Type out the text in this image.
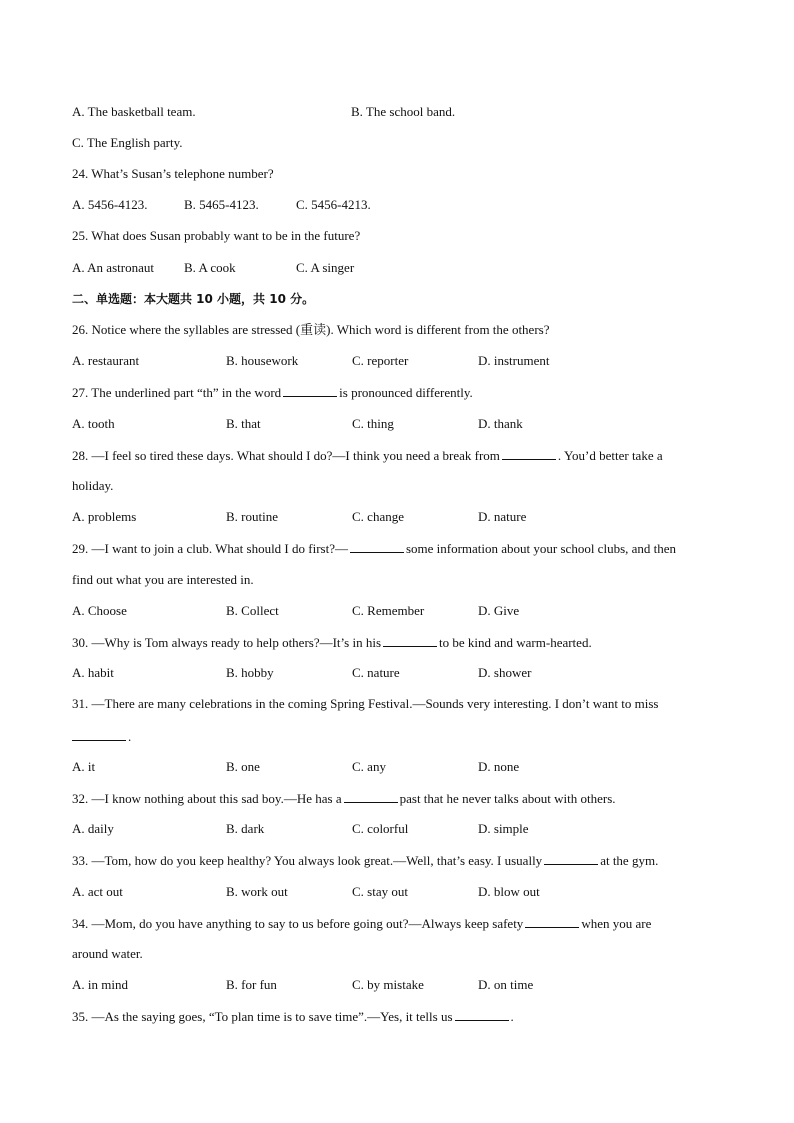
A. The basketball team.	B. The school band.
C. The English party.
24. What’s Susan’s telephone number?
A. 5456-4123.	B. 5465-4123.	C. 5456-4213.
25. What does Susan probably want to be in the future?
A. An astronaut B. A cook	C. A singer
二、单选题：本大题共 10 小题，共 10 分。
26. Notice where the syllables are stressed (重读). Which word is different from the others?
A. restaurant	B. housework	C. reporter	D. instrument
27. The underlined part “th” in the word	is pronounced differently.
A. tooth	B. that	C. thing	D. thank
28. —I feel so tired these days. What should I do?—I think you need a break from	. You’d better take a
holiday.
A. problems	B. routine	C. change	D. nature
29. —I want to join a club. What should I do first?—	some information about your school clubs, and then
find out what you are interested in.
A. Choose	B. Collect	C. Remember	D. Give
30. —Why is Tom always ready to help others?—It’s in his	to be kind and warm-hearted.
A. habit	B. hobby	C. nature	D. shower
31. —There are many celebrations in the coming Spring Festival.—Sounds very interesting. I don’t want to miss
.
A. it	B. one	C. any	D. none
32. —I know nothing about this sad boy.—He has a	past that he never talks about with others.
A. daily	B. dark	C. colorful	D. simple
33. —Tom, how do you keep healthy? You always look great.—Well, that’s easy. I usually	at the gym.
A. act out	B. work out	C. stay out	D. blow out
34. —Mom, do you have anything to say to us before going out?—Always keep safety	when you are
around water.
A. in mind	B. for fun	C. by mistake	D. on time
35. —As the saying goes, “To plan time is to save time”.—Yes, it tells us	.
